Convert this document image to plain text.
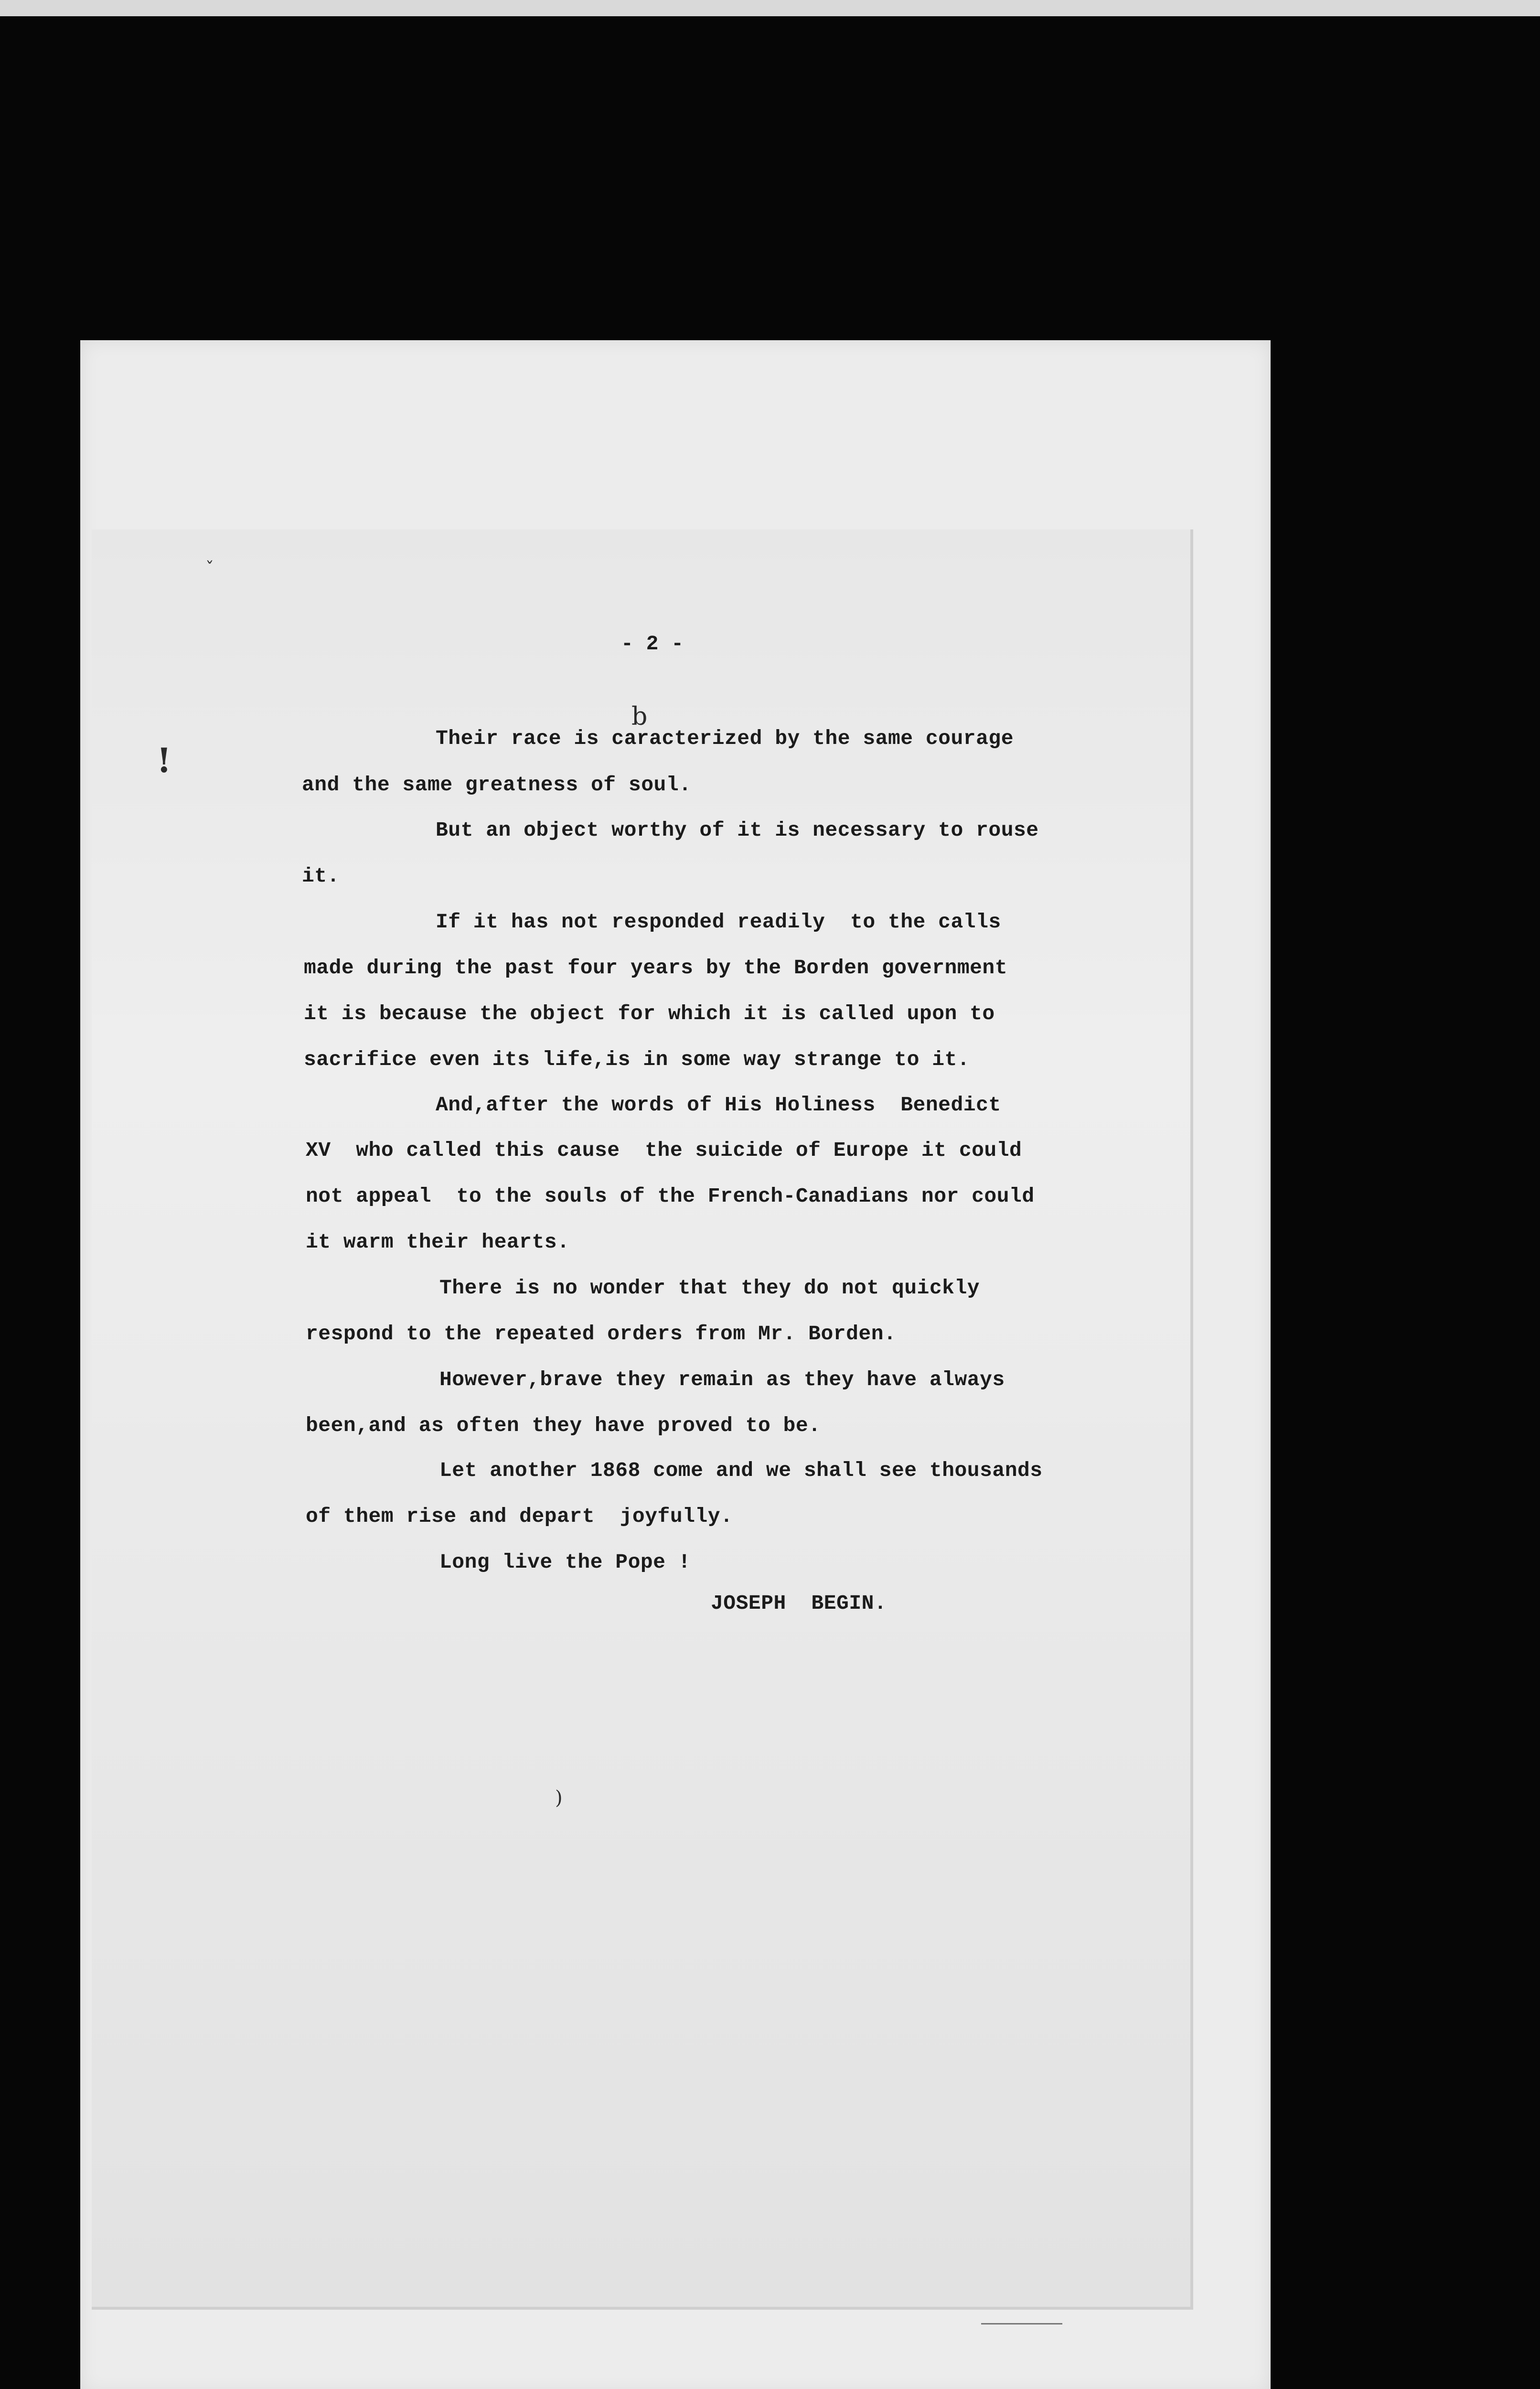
ˇ
!
- 2 -
b
Their race is caracterized by the same courage
and the same greatness of soul.
But an object worthy of it is necessary to rouse
it.
If it has not responded readily  to the calls
made during the past four years by the Borden government
it is because the object for which it is called upon to
sacrifice even its life,is in some way strange to it.
And,after the words of His Holiness  Benedict
XV  who called this cause  the suicide of Europe it could
not appeal  to the souls of the French-Canadians nor could
it warm their hearts.
There is no wonder that they do not quickly
respond to the repeated orders from Mr. Borden.
However,brave they remain as they have always
been,and as often they have proved to be.
Let another 1868 come and we shall see thousands
of them rise and depart  joyfully.
Long live the Pope !
JOSEPH  BEGIN.
)
